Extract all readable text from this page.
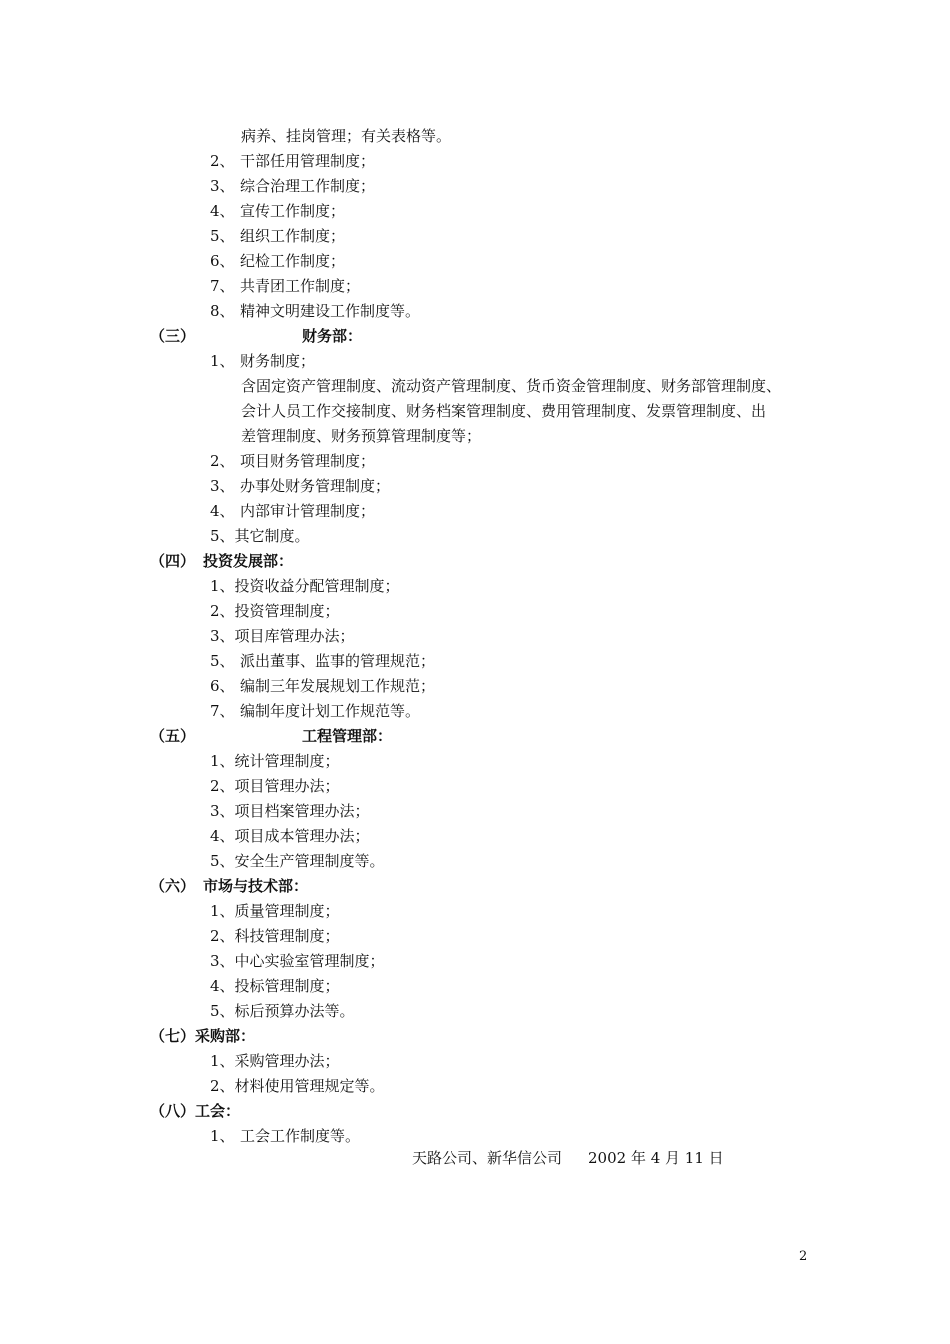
病养、挂岗管理；有关表格等。
2、 干部任用管理制度；
3、 综合治理工作制度；
4、 宣传工作制度；
5、 组织工作制度；
6、 纪检工作制度；
7、 共青团工作制度；
8、 精神文明建设工作制度等。
（三）	财务部：
1、 财务制度；
含固定资产管理制度、流动资产管理制度、货币资金管理制度、财务部管理制度、
会计人员工作交接制度、财务档案管理制度、费用管理制度、发票管理制度、出
差管理制度、财务预算管理制度等；
2、 项目财务管理制度；
3、 办事处财务管理制度；
4、 内部审计管理制度；
5、其它制度。
（四） 投资发展部：
1、投资收益分配管理制度；
2、投资管理制度；
3、项目库管理办法；
5、 派出董事、监事的管理规范；
6、 编制三年发展规划工作规范；
7、 编制年度计划工作规范等。
（五）	工程管理部：
1、统计管理制度；
2、项目管理办法；
3、项目档案管理办法；
4、项目成本管理办法；
5、安全生产管理制度等。
（六） 市场与技术部：
1、质量管理制度；
2、科技管理制度；
3、中心实验室管理制度；
4、投标管理制度；
5、标后预算办法等。
（七）采购部：
1、采购管理办法；
2、材料使用管理规定等。
（八）工会：
1、 工会工作制度等。
天路公司、新华信公司 2002 年 4 月 11 日
2
